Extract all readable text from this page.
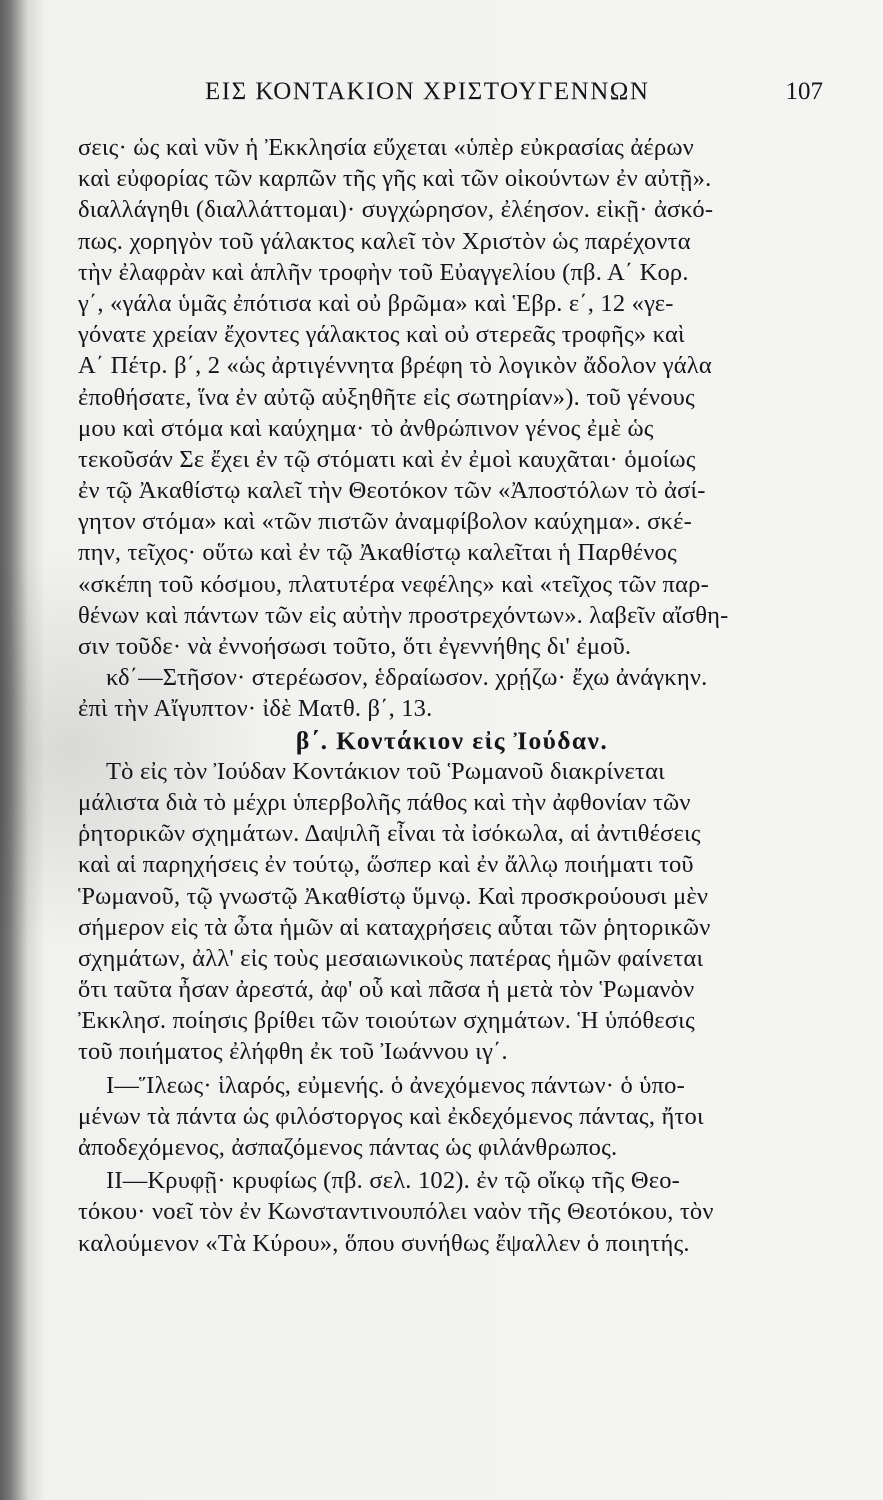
ΕΙΣ ΚΟΝΤΑΚΙΟΝ ΧΡΙΣΤΟΥΓΕΝΝΩΝ	107
σεις· ὡς καὶ νῦν ἡ Ἐκκλησία εὔχεται «ὑπὲρ εὐκρασίας ἀέρων
καὶ εὐφορίας τῶν καρπῶν τῆς γῆς καὶ τῶν οἰκούντων ἐν αὐτῇ».
διαλλάγηθι (διαλλάττομαι)· συγχώρησον, ἐλέησον. εἰκῇ· ἀσκό-
πως. χορηγὸν τοῦ γάλακτος καλεῖ τὸν Χριστὸν ὡς παρέχοντα
τὴν ἐλαφρὰν καὶ ἁπλῆν τροφὴν τοῦ Εὐαγγελίου (πβ. Α΄ Κορ.
γ΄, «γάλα ὑμᾶς ἐπότισα καὶ οὐ βρῶμα» καὶ Ἑβρ. ε΄, 12 «γε-
γόνατε χρείαν ἔχοντες γάλακτος καὶ οὐ στερεᾶς τροφῆς» καὶ
Α΄ Πέτρ. β΄, 2 «ὡς ἀρτιγέννητα βρέφη τὸ λογικὸν ἄδολον γάλα
ἐποθήσατε, ἵνα ἐν αὐτῷ αὐξηθῆτε εἰς σωτηρίαν»). τοῦ γένους
μου καὶ στόμα καὶ καύχημα· τὸ ἀνθρώπινον γένος ἐμὲ ὡς
τεκοῦσάν Σε ἔχει ἐν τῷ στόματι καὶ ἐν ἐμοὶ καυχᾶται· ὁμοίως
ἐν τῷ Ἀκαθίστῳ καλεῖ τὴν Θεοτόκον τῶν «Ἀποστόλων τὸ ἀσί-
γητον στόμα» καὶ «τῶν πιστῶν ἀναμφίβολον καύχημα». σκέ-
πην, τεῖχος· οὕτω καὶ ἐν τῷ Ἀκαθίστῳ καλεῖται ἡ Παρθένος
«σκέπη τοῦ κόσμου, πλατυτέρα νεφέλης» καὶ «τεῖχος τῶν παρ-
θένων καὶ πάντων τῶν εἰς αὐτὴν προστρεχόντων». λαβεῖν αἴσθη-
σιν τοῦδε· νὰ ἐννοήσωσι τοῦτο, ὅτι ἐγεννήθης δι' ἐμοῦ.
κδ΄—Στῆσον· στερέωσον, ἑδραίωσον. χρῄζω· ἔχω ἀνάγκην.
ἐπὶ τὴν Αἴγυπτον· ἰδὲ Ματθ. β΄, 13.
β΄. Κοντάκιον εἰς Ἰούδαν.
Τὸ εἰς τὸν Ἰούδαν Κοντάκιον τοῦ Ῥωμανοῦ διακρίνεται
μάλιστα διὰ τὸ μέχρι ὑπερβολῆς πάθος καὶ τὴν ἀφθονίαν τῶν
ῥητορικῶν σχημάτων. Δαψιλῆ εἶναι τὰ ἰσόκωλα, αἱ ἀντιθέσεις
καὶ αἱ παρηχήσεις ἐν τούτῳ, ὥσπερ καὶ ἐν ἄλλῳ ποιήματι τοῦ
Ῥωμανοῦ, τῷ γνωστῷ Ἀκαθίστῳ ὕμνῳ. Καὶ προσκρούουσι μὲν
σήμερον εἰς τὰ ὦτα ἡμῶν αἱ καταχρήσεις αὗται τῶν ῥητορικῶν
σχημάτων, ἀλλ' εἰς τοὺς μεσαιωνικοὺς πατέρας ἡμῶν φαίνεται
ὅτι ταῦτα ἦσαν ἀρεστά, ἀφ' οὗ καὶ πᾶσα ἡ μετὰ τὸν Ῥωμανὸν
Ἐκκλησ. ποίησις βρίθει τῶν τοιούτων σχημάτων. Ἡ ὑπόθεσις
τοῦ ποιήματος ἐλήφθη ἐκ τοῦ Ἰωάννου ιγ΄.
Ι—Ἵλεως· ἱλαρός, εὐμενής. ὁ ἀνεχόμενος πάντων· ὁ ὑπο-
μένων τὰ πάντα ὡς φιλόστοργος καὶ ἐκδεχόμενος πάντας, ἤτοι
ἀποδεχόμενος, ἀσπαζόμενος πάντας ὡς φιλάνθρωπος.
ΙΙ—Κρυφῇ· κρυφίως (πβ. σελ. 102). ἐν τῷ οἴκῳ τῆς Θεο-
τόκου· νοεῖ τὸν ἐν Κωνσταντινουπόλει ναὸν τῆς Θεοτόκου, τὸν
καλούμενον «Τὰ Κύρου», ὅπου συνήθως ἔψαλλεν ὁ ποιητής.
